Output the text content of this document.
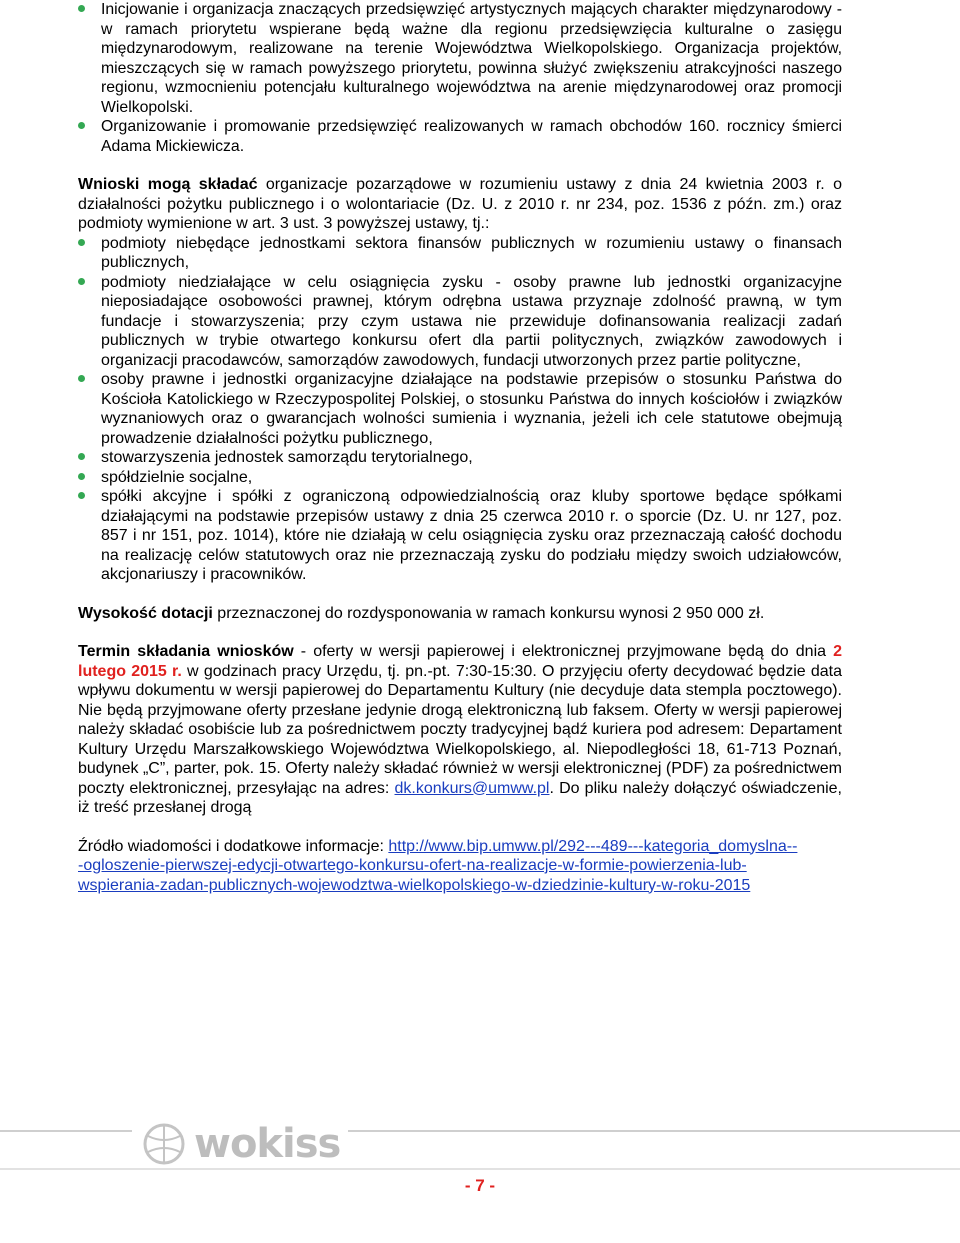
Inicjowanie i organizacja znaczących przedsięwzięć artystycznych mających charakter międzynarodowy - w ramach priorytetu wspierane będą ważne dla regionu przedsięwzięcia kulturalne o zasięgu międzynarodowym, realizowane na terenie Województwa Wielkopolskiego. Organizacja projektów, mieszczących się w ramach powyższego priorytetu, powinna służyć zwiększeniu atrakcyjności naszego regionu, wzmocnieniu potencjału kulturalnego województwa na arenie międzynarodowej oraz promocji Wielkopolski.
Organizowanie i promowanie przedsięwzięć realizowanych w ramach obchodów 160. rocznicy śmierci Adama Mickiewicza.

Wnioski mogą składać organizacje pozarządowe w rozumieniu ustawy z dnia 24 kwietnia 2003 r. o działalności pożytku publicznego i o wolontariacie (Dz. U. z 2010 r. nr 234, poz. 1536 z późn. zm.) oraz podmioty wymienione w art. 3 ust. 3 powyższej ustawy, tj.:

podmioty niebędące jednostkami sektora finansów publicznych w rozumieniu ustawy o finansach publicznych,
podmioty niedziałające w celu osiągnięcia zysku - osoby prawne lub jednostki organizacyjne nieposiadające osobowości prawnej, którym odrębna ustawa przyznaje zdolność prawną, w tym fundacje i stowarzyszenia; przy czym ustawa nie przewiduje dofinansowania realizacji zadań publicznych w trybie otwartego konkursu ofert dla partii politycznych, związków zawodowych i organizacji pracodawców, samorządów zawodowych, fundacji utworzonych przez partie polityczne,
osoby prawne i jednostki organizacyjne działające na podstawie przepisów o stosunku Państwa do Kościoła Katolickiego w Rzeczypospolitej Polskiej, o stosunku Państwa do innych kościołów i związków wyznaniowych oraz o gwarancjach wolności sumienia i wyznania, jeżeli ich cele statutowe obejmują prowadzenie działalności pożytku publicznego,
stowarzyszenia jednostek samorządu terytorialnego,
spółdzielnie socjalne,
spółki akcyjne i spółki z ograniczoną odpowiedzialnością oraz kluby sportowe będące spółkami działającymi na podstawie przepisów ustawy z dnia 25 czerwca 2010 r. o sporcie (Dz. U. nr 127, poz. 857 i nr 151, poz. 1014), które nie działają w celu osiągnięcia zysku oraz przeznaczają całość dochodu na realizację celów statutowych oraz nie przeznaczają zysku do podziału między swoich udziałowców, akcjonariuszy i pracowników.

Wysokość dotacji przeznaczonej do rozdysponowania w ramach konkursu wynosi 2 950 000 zł.

Termin składania wniosków - oferty w wersji papierowej i elektronicznej przyjmowane będą do dnia 2 lutego 2015 r. w godzinach pracy Urzędu, tj. pn.-pt. 7:30-15:30. O przyjęciu oferty decydować będzie data wpływu dokumentu w wersji papierowej do Departamentu Kultury (nie decyduje data stempla pocztowego). Nie będą przyjmowane oferty przesłane jedynie drogą elektroniczną lub faksem. Oferty w wersji papierowej należy składać osobiście lub za pośrednictwem poczty tradycyjnej bądź kuriera pod adresem: Departament Kultury Urzędu Marszałkowskiego Województwa Wielkopolskiego, al. Niepodległości 18, 61-713 Poznań, budynek „C”, parter, pok. 15. Oferty należy składać również w wersji elektronicznej (PDF) za pośrednictwem poczty elektronicznej, przesyłając na adres: dk.konkurs@umww.pl. Do pliku należy dołączyć oświadczenie, iż treść przesłanej drogą

Źródło wiadomości i dodatkowe informacje: http://www.bip.umww.pl/292---489---kategoria_domyslna--
-ogloszenie-pierwszej-edycji-otwartego-konkursu-ofert-na-realizacje-w-formie-powierzenia-lub-
wspierania-zadan-publicznych-wojewodztwa-wielkopolskiego-w-dziedzinie-kultury-w-roku-2015

wokiss
- 7 -
